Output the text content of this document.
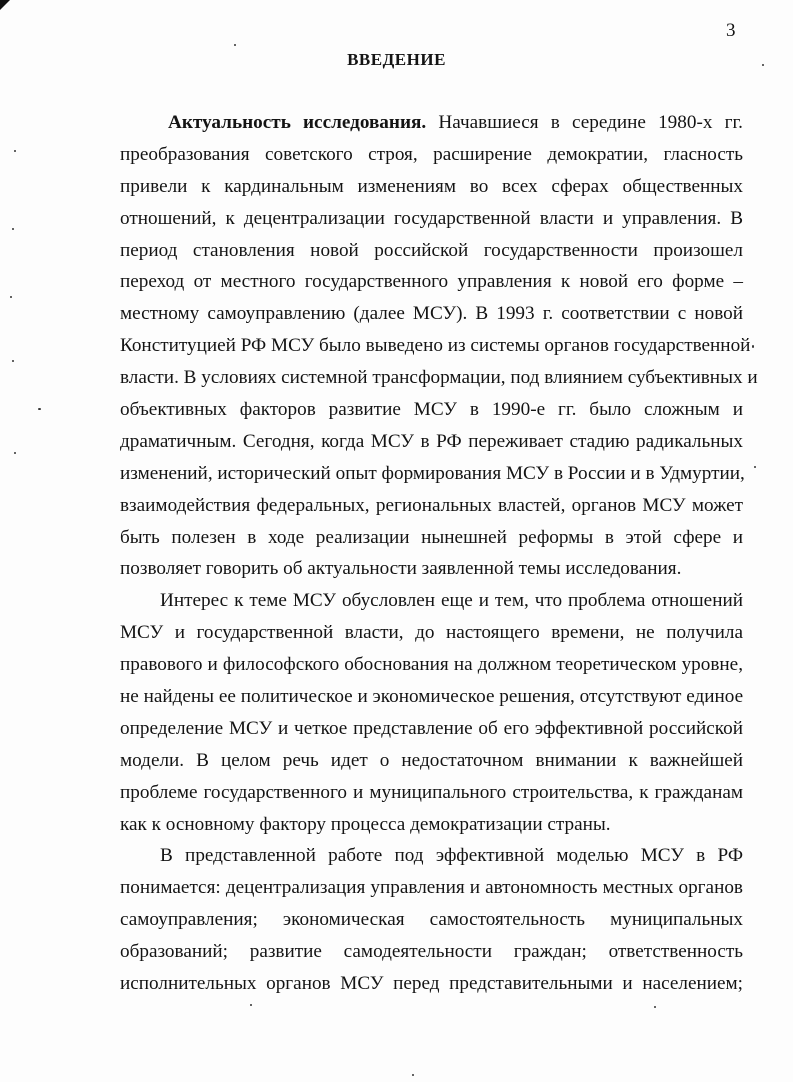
3
ВВЕДЕНИЕ
Актуальность исследования. Начавшиеся в середине 1980-х гг.
преобразования советского строя, расширение демократии, гласность
привели к кардинальным изменениям во всех сферах общественных
отношений, к децентрализации государственной власти и управления. В
период становления новой российской государственности произошел
переход от местного государственного управления к новой его форме –
местному самоуправлению (далее МСУ). В 1993 г. соответствии с новой
Конституцией РФ МСУ было выведено из системы органов государственной
власти. В условиях системной трансформации, под влиянием субъективных и
объективных факторов развитие МСУ в 1990-е гг. было сложным и
драматичным. Сегодня, когда МСУ в РФ переживает стадию радикальных
изменений, исторический опыт формирования МСУ в России и в Удмуртии,
взаимодействия федеральных, региональных властей, органов МСУ может
быть полезен в ходе реализации нынешней реформы в этой сфере и
позволяет говорить об актуальности заявленной темы исследования.
Интерес к теме МСУ обусловлен еще и тем, что проблема отношений
МСУ и государственной власти, до настоящего времени, не получила
правового и философского обоснования на должном теоретическом уровне,
не найдены ее политическое и экономическое решения, отсутствуют единое
определение МСУ и четкое представление об его эффективной российской
модели. В целом речь идет о недостаточном внимании к важнейшей
проблеме государственного и муниципального строительства, к гражданам
как к основному фактору процесса демократизации страны.
В представленной работе под эффективной моделью МСУ в РФ
понимается: децентрализация управления и автономность местных органов
самоуправления; экономическая самостоятельность муниципальных
образований; развитие самодеятельности граждан; ответственность
исполнительных органов МСУ перед представительными и населением;
